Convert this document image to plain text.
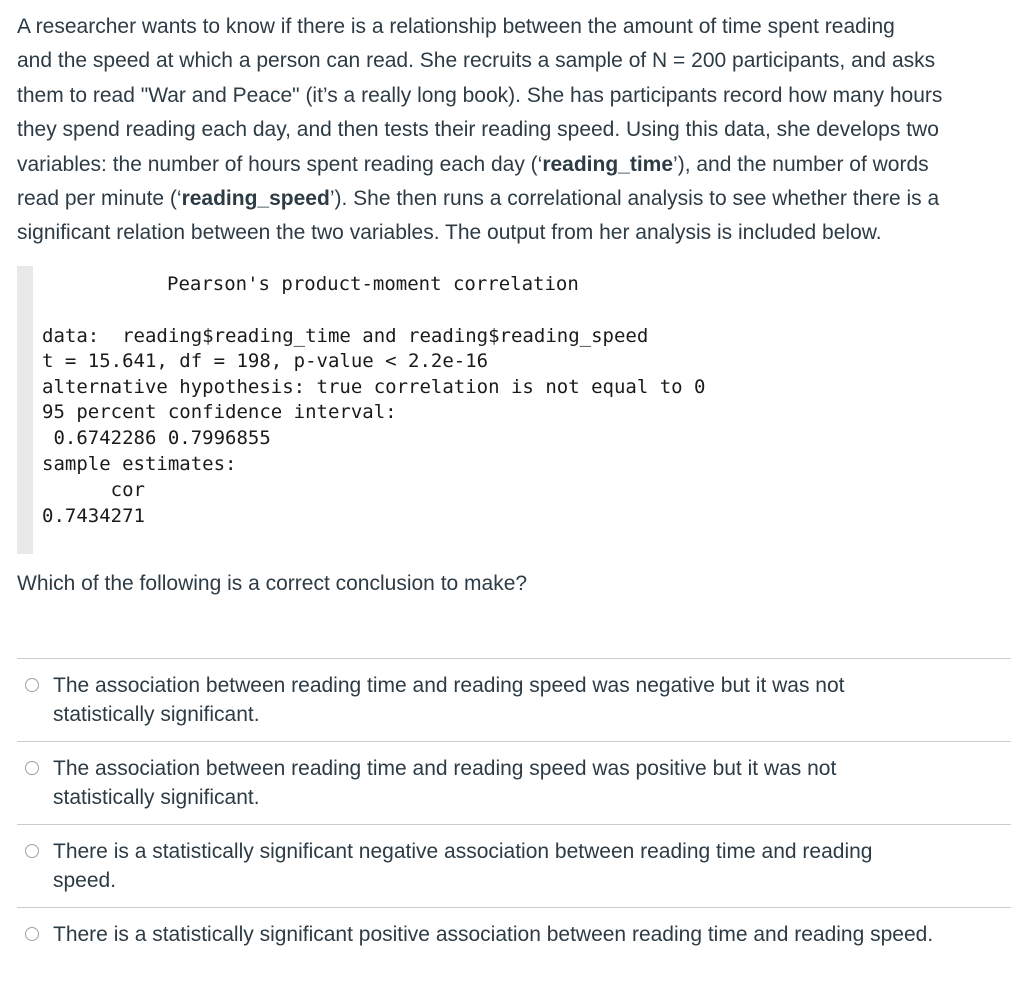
A researcher wants to know if there is a relationship between the amount of time spent reading
and the speed at which a person can read. She recruits a sample of N = 200 participants, and asks
them to read "War and Peace" (it’s a really long book). She has participants record how many hours
they spend reading each day, and then tests their reading speed. Using this data, she develops two
variables: the number of hours spent reading each day (‘reading_time’), and the number of words
read per minute (‘reading_speed’). She then runs a correlational analysis to see whether there is a
significant relation between the two variables. The output from her analysis is included below.
Pearson's product-moment correlation
data:  reading$reading_time and reading$reading_speed
t = 15.641, df = 198, p-value < 2.2e-16
alternative hypothesis: true correlation is not equal to 0
95 percent confidence interval:
0.6742286 0.7996855
sample estimates:
cor
0.7434271
Which of the following is a correct conclusion to make?
The association between reading time and reading speed was negative but it was not
statistically significant.
The association between reading time and reading speed was positive but it was not
statistically significant.
There is a statistically significant negative association between reading time and reading
speed.
There is a statistically significant positive association between reading time and reading speed.
